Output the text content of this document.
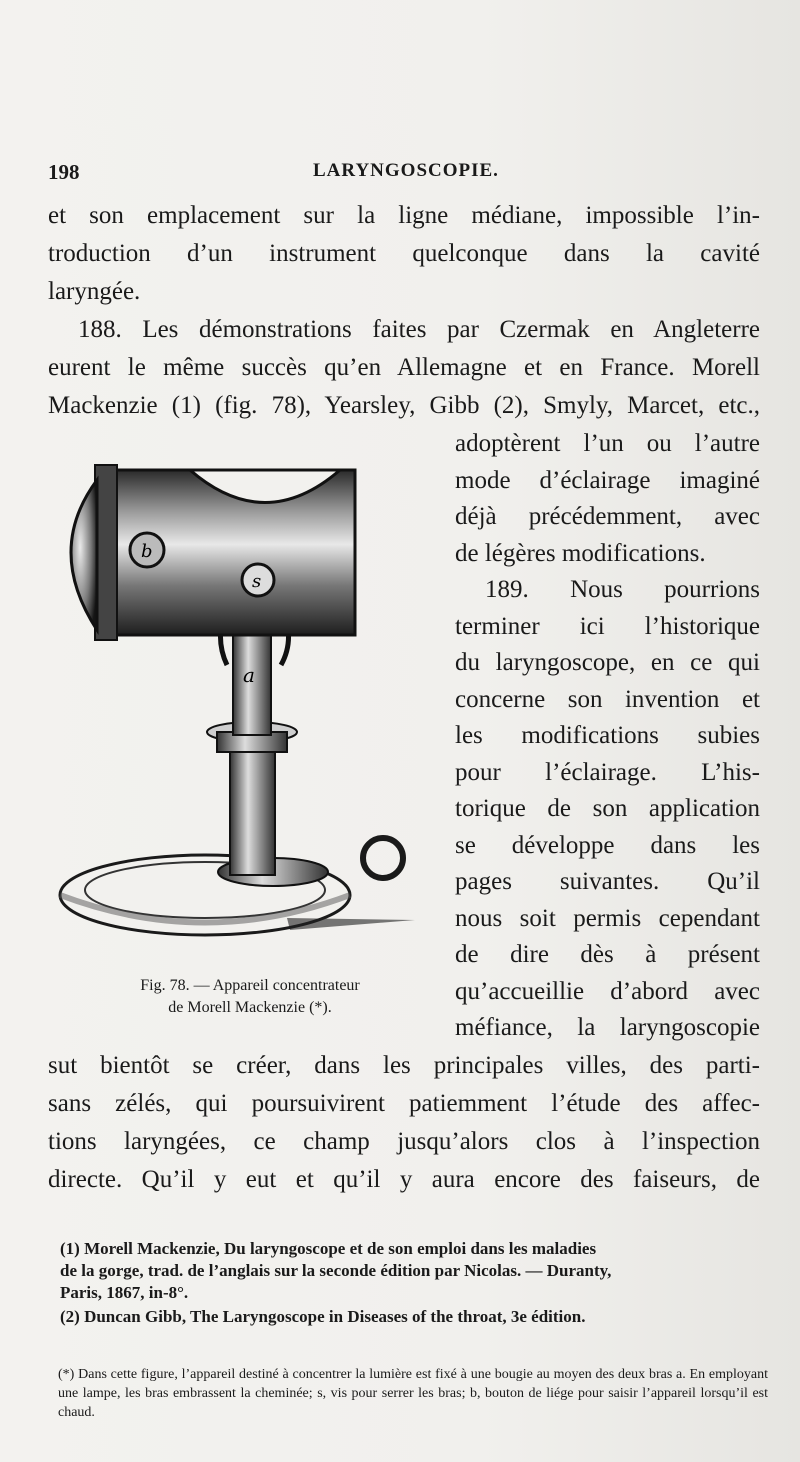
198	LARYNGOSCOPIE.
et son emplacement sur la ligne médiane, impossible l’in-
troduction d’un instrument quelconque dans la cavité
laryngée.
188. Les démonstrations faites par Czermak en Angleterre
eurent le même succès qu’en Allemagne et en France. Morell
Mackenzie (1) (fig. 78), Yearsley, Gibb (2), Smyly, Marcet, etc.,
adoptèrent l’un ou l’autre
mode d’éclairage imaginé
déjà précédemment, avec
de légères modifications.
189. Nous pourrions
terminer ici l’historique
du laryngoscope, en ce qui
concerne son invention et
les modifications subies
pour l’éclairage. L’his-
torique de son application
se développe dans les
pages suivantes. Qu’il
nous soit permis cependant
de dire dès à présent
qu’accueillie d’abord avec
méfiance, la laryngoscopie
b
s
a
Fig. 78. — Appareil concentrateur
de Morell Mackenzie (*).
sut bientôt se créer, dans les principales villes, des parti-
sans zélés, qui poursuivirent patiemment l’étude des affec-
tions laryngées, ce champ jusqu’alors clos à l’inspection
directe. Qu’il y eut et qu’il y aura encore des faiseurs, de
(1) Morell Mackenzie, Du laryngoscope et de son emploi dans les maladies
de la gorge, trad. de l’anglais sur la seconde édition par Nicolas. — Duranty,
Paris, 1867, in-8°.
(2) Duncan Gibb, The Laryngoscope in Diseases of the throat, 3e édition.
(*) Dans cette figure, l’appareil destiné à concentrer la lumière est fixé à une bougie au moyen des deux bras a. En employant une lampe, les bras embrassent la cheminée; s, vis pour serrer les bras; b, bouton de liége pour saisir l’appareil lorsqu’il est chaud.
